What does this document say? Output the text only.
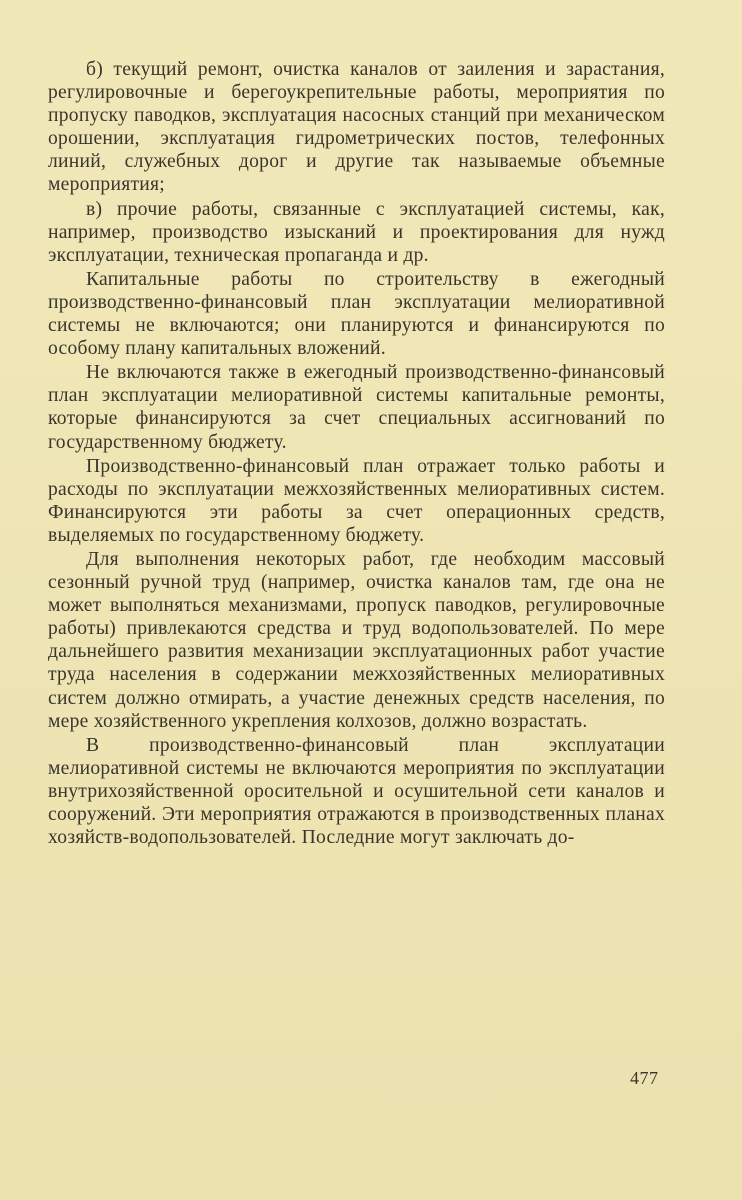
б) текущий ремонт, очистка каналов от заиления и зарастания, регулировочные и берегоукрепительные работы, мероприятия по пропуску паводков, эксплуатация насосных станций при механическом орошении, эксплуатация гидрометрических постов, телефонных линий, служебных дорог и другие так называемые объемные мероприятия;

в) прочие работы, связанные с эксплуатацией системы, как, например, производство изысканий и проектирования для нужд эксплуатации, техническая пропаганда и др.

Капитальные работы по строительству в ежегодный производственно-финансовый план эксплуатации мелиоративной системы не включаются; они планируются и финансируются по особому плану капитальных вложений.

Не включаются также в ежегодный производственно-финансовый план эксплуатации мелиоративной системы капитальные ремонты, которые финансируются за счет специальных ассигнований по государственному бюджету.

Производственно-финансовый план отражает только работы и расходы по эксплуатации межхозяйственных мелиоративных систем. Финансируются эти работы за счет операционных средств, выделяемых по государственному бюджету.

Для выполнения некоторых работ, где необходим массовый сезонный ручной труд (например, очистка каналов там, где она не может выполняться механизмами, пропуск паводков, регулировочные работы) привлекаются средства и труд водопользователей. По мере дальнейшего развития механизации эксплуатационных работ участие труда населения в содержании межхозяйственных мелиоративных систем должно отмирать, а участие денежных средств населения, по мере хозяйственного укрепления колхозов, должно возрастать.

В производственно-финансовый план эксплуатации мелиоративной системы не включаются мероприятия по эксплуатации внутрихозяйственной оросительной и осушительной сети каналов и сооружений. Эти мероприятия отражаются в производственных планах хозяйств-водопользователей. Последние могут заключать до-

477
